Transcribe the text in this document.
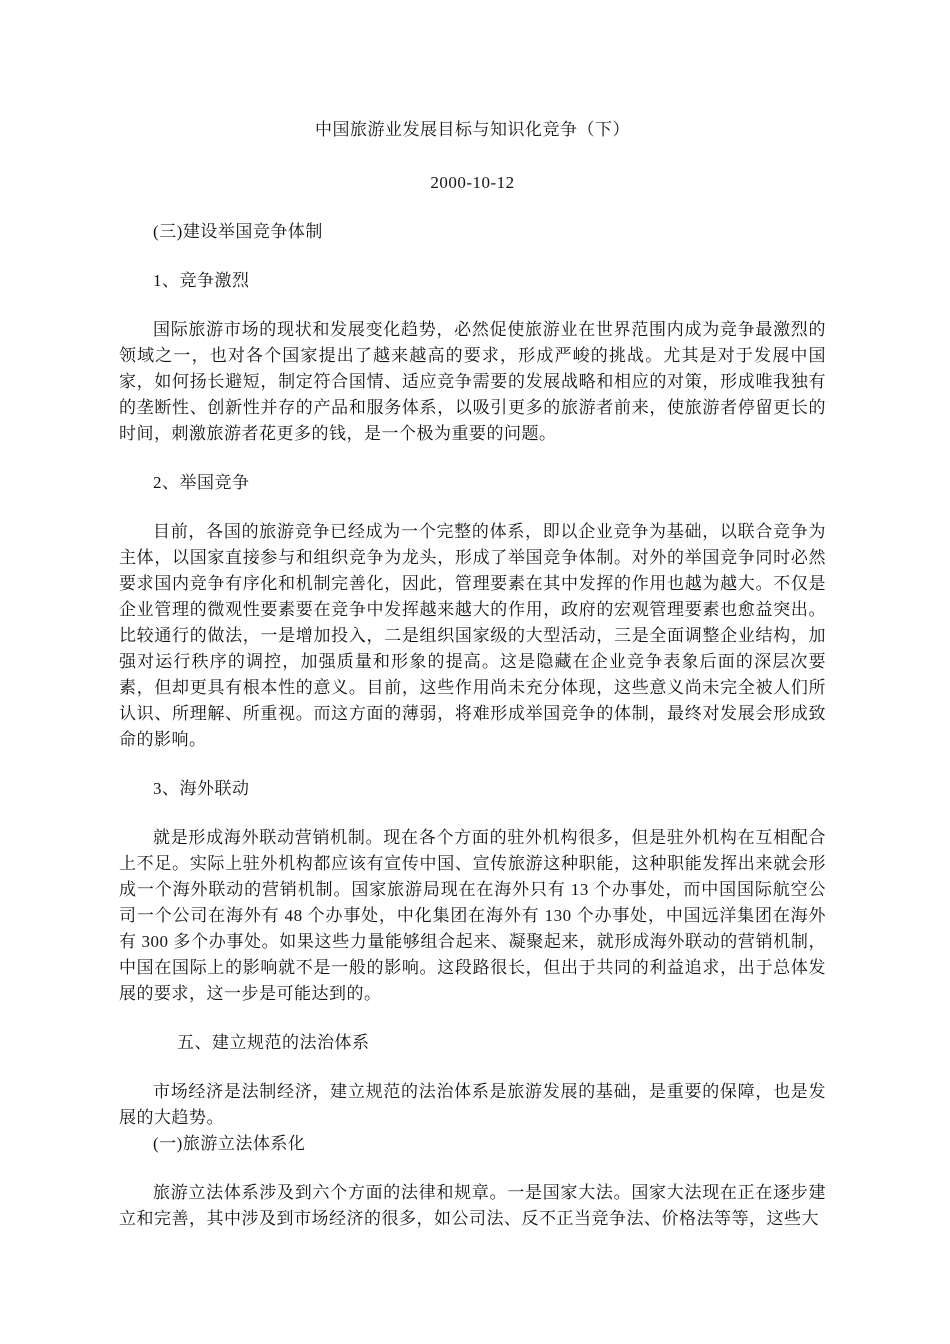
中国旅游业发展目标与知识化竞争（下）
2000-10-12
(三)建设举国竞争体制
1、竞争激烈
国际旅游市场的现状和发展变化趋势，必然促使旅游业在世界范围内成为竞争最激烈的领域之一，也对各个国家提出了越来越高的要求，形成严峻的挑战。尤其是对于发展中国家，如何扬长避短，制定符合国情、适应竞争需要的发展战略和相应的对策，形成唯我独有的垄断性、创新性并存的产品和服务体系，以吸引更多的旅游者前来，使旅游者停留更长的时间，刺激旅游者花更多的钱，是一个极为重要的问题。
2、举国竞争
目前，各国的旅游竞争已经成为一个完整的体系，即以企业竞争为基础，以联合竞争为主体，以国家直接参与和组织竞争为龙头，形成了举国竞争体制。对外的举国竞争同时必然要求国内竞争有序化和机制完善化，因此，管理要素在其中发挥的作用也越为越大。不仅是企业管理的微观性要素要在竞争中发挥越来越大的作用，政府的宏观管理要素也愈益突出。比较通行的做法，一是增加投入，二是组织国家级的大型活动，三是全面调整企业结构，加强对运行秩序的调控，加强质量和形象的提高。这是隐藏在企业竞争表象后面的深层次要素，但却更具有根本性的意义。目前，这些作用尚未充分体现，这些意义尚未完全被人们所认识、所理解、所重视。而这方面的薄弱，将难形成举国竞争的体制，最终对发展会形成致命的影响。
3、海外联动
就是形成海外联动营销机制。现在各个方面的驻外机构很多，但是驻外机构在互相配合上不足。实际上驻外机构都应该有宣传中国、宣传旅游这种职能，这种职能发挥出来就会形成一个海外联动的营销机制。国家旅游局现在在海外只有 13 个办事处，而中国国际航空公司一个公司在海外有 48 个办事处，中化集团在海外有 130 个办事处，中国远洋集团在海外有 300 多个办事处。如果这些力量能够组合起来、凝聚起来，就形成海外联动的营销机制，中国在国际上的影响就不是一般的影响。这段路很长，但出于共同的利益追求，出于总体发展的要求，这一步是可能达到的。
五、建立规范的法治体系
市场经济是法制经济，建立规范的法治体系是旅游发展的基础，是重要的保障，也是发展的大趋势。
(一)旅游立法体系化
旅游立法体系涉及到六个方面的法律和规章。一是国家大法。国家大法现在正在逐步建立和完善，其中涉及到市场经济的很多，如公司法、反不正当竞争法、价格法等等，这些大
